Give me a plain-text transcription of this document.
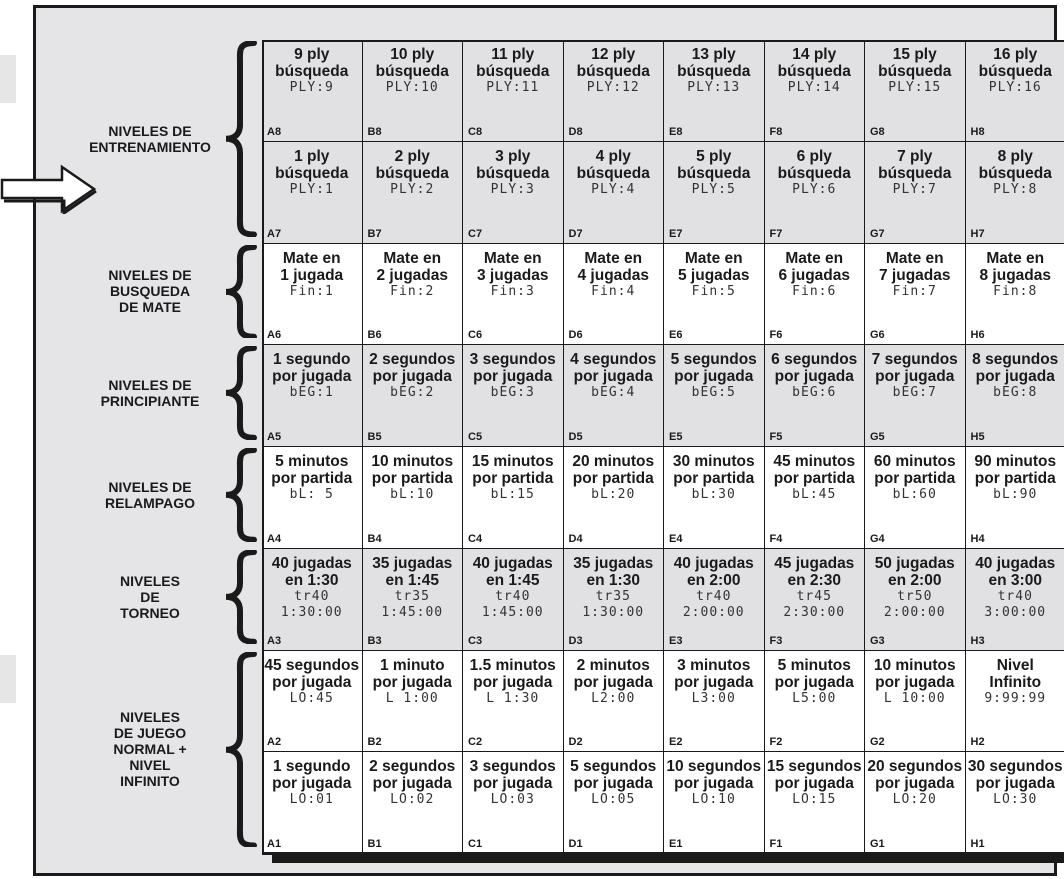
9 ply
búsqueda
PLY:9
A8
10 ply
búsqueda
PLY:10
B8
11 ply
búsqueda
PLY:11
C8
12 ply
búsqueda
PLY:12
D8
13 ply
búsqueda
PLY:13
E8
14 ply
búsqueda
PLY:14
F8
15 ply
búsqueda
PLY:15
G8
16 ply
búsqueda
PLY:16
H8
1 ply
búsqueda
PLY:1
A7
2 ply
búsqueda
PLY:2
B7
3 ply
búsqueda
PLY:3
C7
4 ply
búsqueda
PLY:4
D7
5 ply
búsqueda
PLY:5
E7
6 ply
búsqueda
PLY:6
F7
7 ply
búsqueda
PLY:7
G7
8 ply
búsqueda
PLY:8
H7
Mate en
1 jugada
Fin:1
A6
Mate en
2 jugadas
Fin:2
B6
Mate en
3 jugadas
Fin:3
C6
Mate en
4 jugadas
Fin:4
D6
Mate en
5 jugadas
Fin:5
E6
Mate en
6 jugadas
Fin:6
F6
Mate en
7 jugadas
Fin:7
G6
Mate en
8 jugadas
Fin:8
H6
1 segundo
por jugada
bEG:1
A5
2 segundos
por jugada
bEG:2
B5
3 segundos
por jugada
bEG:3
C5
4 segundos
por jugada
bEG:4
D5
5 segundos
por jugada
bEG:5
E5
6 segundos
por jugada
bEG:6
F5
7 segundos
por jugada
bEG:7
G5
8 segundos
por jugada
bEG:8
H5
5 minutos
por partida
bL: 5
A4
10 minutos
por partida
bL:10
B4
15 minutos
por partida
bL:15
C4
20 minutos
por partida
bL:20
D4
30 minutos
por partida
bL:30
E4
45 minutos
por partida
bL:45
F4
60 minutos
por partida
bL:60
G4
90 minutos
por partida
bL:90
H4
40 jugadas
en 1:30
tr40
1:30:00
A3
35 jugadas
en 1:45
tr35
1:45:00
B3
40 jugadas
en 1:45
tr40
1:45:00
C3
35 jugadas
en 1:30
tr35
1:30:00
D3
40 jugadas
en 2:00
tr40
2:00:00
E3
45 jugadas
en 2:30
tr45
2:30:00
F3
50 jugadas
en 2:00
tr50
2:00:00
G3
40 jugadas
en 3:00
tr40
3:00:00
H3
45 segundos
por jugada
LO:45
A2
1 minuto
por jugada
L 1:00
B2
1.5 minutos
por jugada
L 1:30
C2
2 minutos
por jugada
L2:00
D2
3 minutos
por jugada
L3:00
E2
5 minutos
por jugada
L5:00
F2
10 minutos
por jugada
L 10:00
G2
Nivel
Infinito
9:99:99
H2
1 segundo
por jugada
LO:01
A1
2 segundos
por jugada
LO:02
B1
3 segundos
por jugada
LO:03
C1
5 segundos
por jugada
LO:05
D1
10 segundos
por jugada
LO:10
E1
15 segundos
por jugada
LO:15
F1
20 segundos
por jugada
LO:20
G1
30 segundos
por jugada
LO:30
H1
NIVELES DE
ENTRENAMIENTO
NIVELES DE
BUSQUEDA
DE MATE
NIVELES DE
PRINCIPIANTE
NIVELES DE
RELAMPAGO
NIVELES
DE
TORNEO
NIVELES
DE JUEGO
NORMAL +
NIVEL
INFINITO
